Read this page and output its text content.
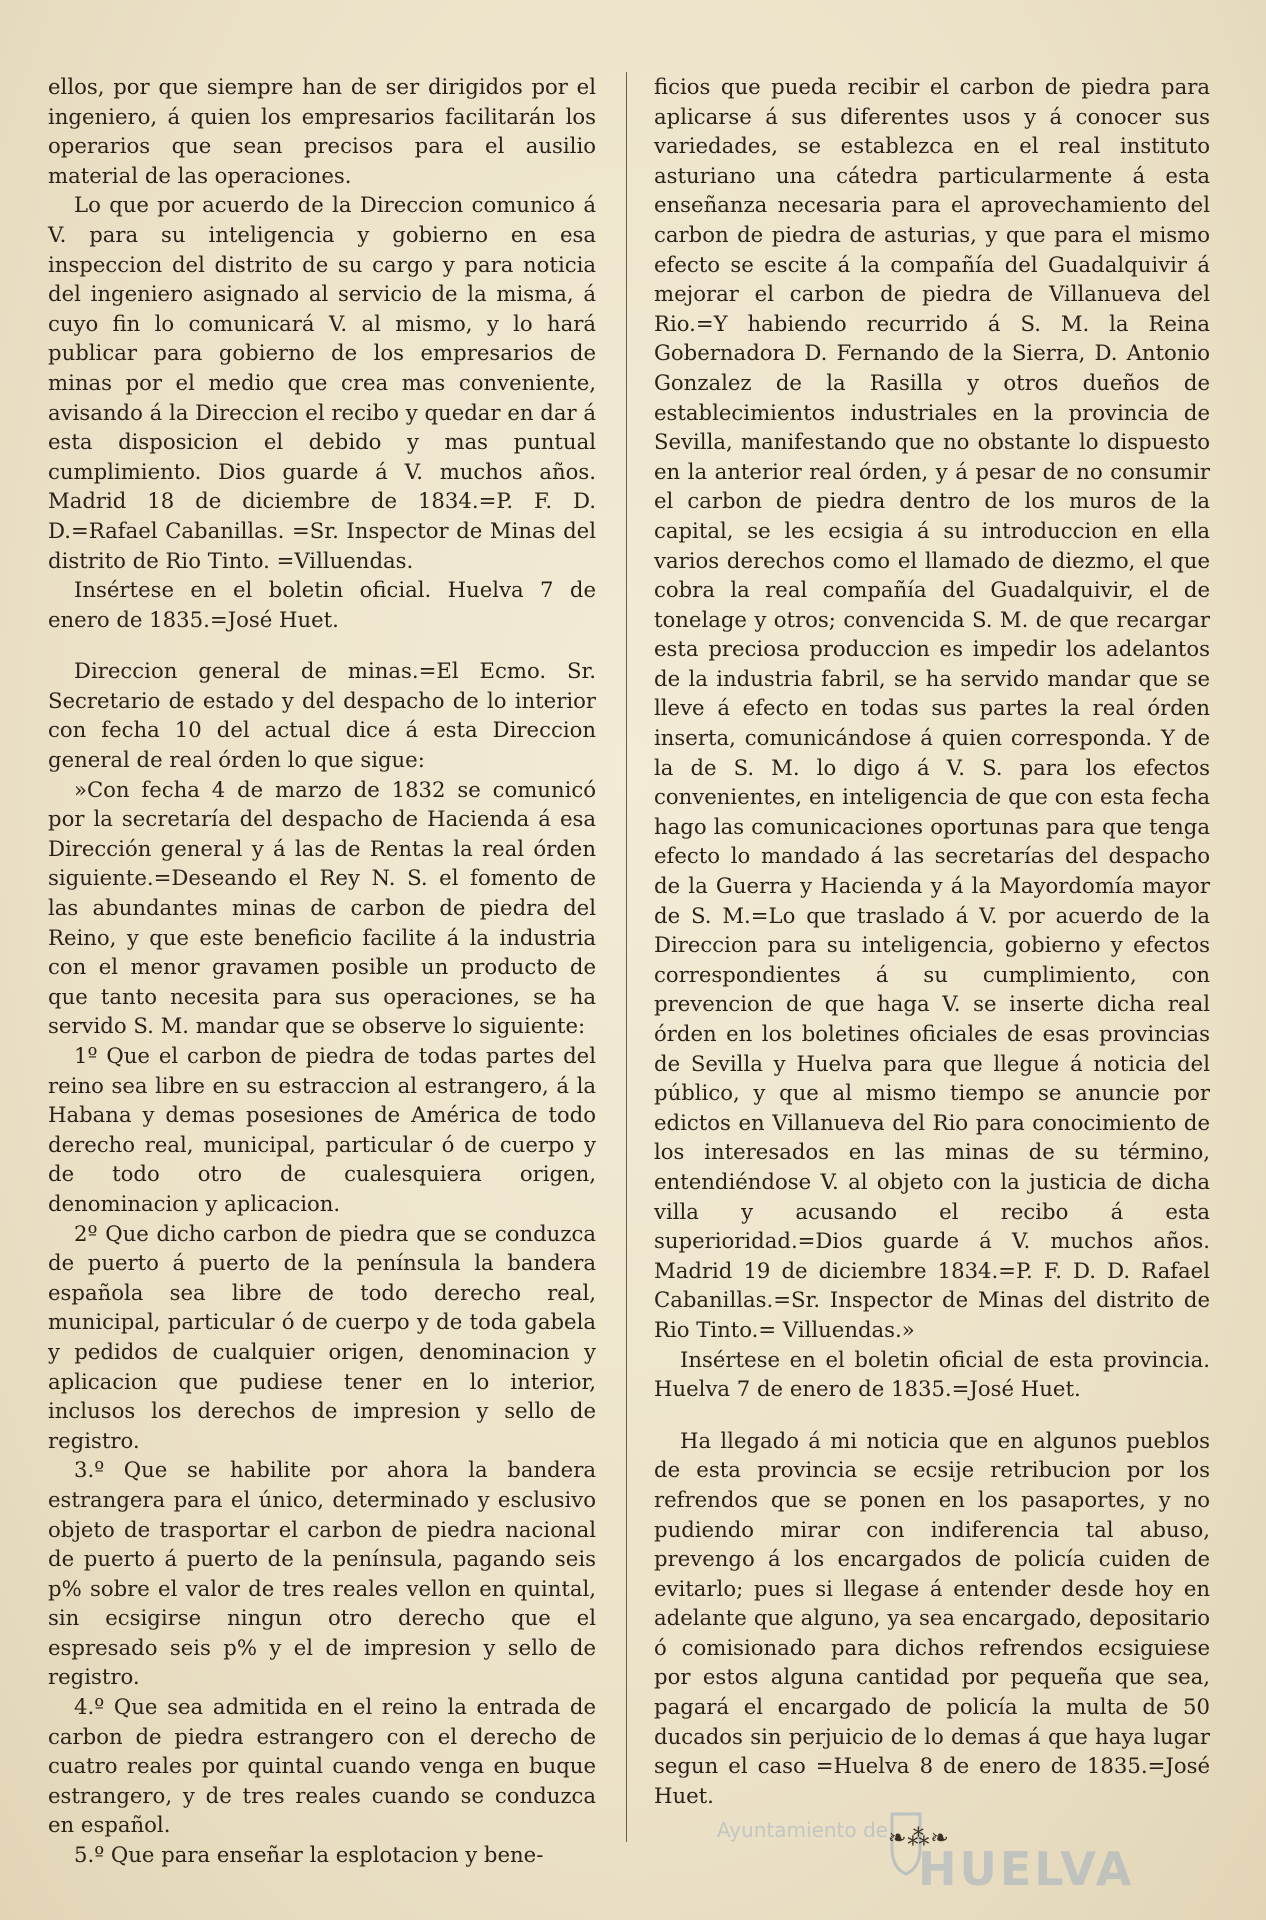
ellos, por que siempre han de ser dirigidos por el ingeniero, á quien los empresarios facilitarán los operarios que sean precisos para el ausilio material de las operaciones.

Lo que por acuerdo de la Direccion comunico á V. para su inteligencia y gobierno en esa inspeccion del distrito de su cargo y para noticia del ingeniero asignado al servicio de la misma, á cuyo fin lo comunicará V. al mismo, y lo hará publicar para gobierno de los empresarios de minas por el medio que crea mas conveniente, avisando á la Direccion el recibo y quedar en dar á esta disposicion el debido y mas puntual cumplimiento. Dios guarde á V. muchos años. Madrid 18 de diciembre de 1834.=P. F. D. D.=Rafael Cabanillas. =Sr. Inspector de Minas del distrito de Rio Tinto. =Villuendas.

Insértese en el boletin oficial. Huelva 7 de enero de 1835.=José Huet.

Direccion general de minas.=El Ecmo. Sr. Secretario de estado y del despacho de lo interior con fecha 10 del actual dice á esta Direccion general de real órden lo que sigue:

»Con fecha 4 de marzo de 1832 se comunicó por la secretaría del despacho de Hacienda á esa Dirección general y á las de Rentas la real órden siguiente.=Deseando el Rey N. S. el fomento de las abundantes minas de carbon de piedra del Reino, y que este beneficio facilite á la industria con el menor gravamen posible un producto de que tanto necesita para sus operaciones, se ha servido S. M. mandar que se observe lo siguiente:

1º Que el carbon de piedra de todas partes del reino sea libre en su estraccion al estrangero, á la Habana y demas posesiones de América de todo derecho real, municipal, particular ó de cuerpo y de todo otro de cualesquiera origen, denominacion y aplicacion.

2º Que dicho carbon de piedra que se conduzca de puerto á puerto de la península la bandera española sea libre de todo derecho real, municipal, particular ó de cuerpo y de toda gabela y pedidos de cualquier origen, denominacion y aplicacion que pudiese tener en lo interior, inclusos los derechos de impresion y sello de registro.

3.º Que se habilite por ahora la bandera estrangera para el único, determinado y esclusivo objeto de trasportar el carbon de piedra nacional de puerto á puerto de la península, pagando seis p% sobre el valor de tres reales vellon en quintal, sin ecsigirse ningun otro derecho que el espresado seis p% y el de impresion y sello de registro.

4.º Que sea admitida en el reino la entrada de carbon de piedra estrangero con el derecho de cuatro reales por quintal cuando venga en buque estrangero, y de tres reales cuando se conduzca en español.

5.º Que para enseñar la esplotacion y bene-

ficios que pueda recibir el carbon de piedra para aplicarse á sus diferentes usos y á conocer sus variedades, se establezca en el real instituto asturiano una cátedra particularmente á esta enseñanza necesaria para el aprovechamiento del carbon de piedra de asturias, y que para el mismo efecto se escite á la compañía del Guadalquivir á mejorar el carbon de piedra de Villanueva del Rio.=Y habiendo recurrido á S. M. la Reina Gobernadora D. Fernando de la Sierra, D. Antonio Gonzalez de la Rasilla y otros dueños de establecimientos industriales en la provincia de Sevilla, manifestando que no obstante lo dispuesto en la anterior real órden, y á pesar de no consumir el carbon de piedra dentro de los muros de la capital, se les ecsigia á su introduccion en ella varios derechos como el llamado de diezmo, el que cobra la real compañía del Guadalquivir, el de tonelage y otros; convencida S. M. de que recargar esta preciosa produccion es impedir los adelantos de la industria fabril, se ha servido mandar que se lleve á efecto en todas sus partes la real órden inserta, comunicándose á quien corresponda. Y de la de S. M. lo digo á V. S. para los efectos convenientes, en inteligencia de que con esta fecha hago las comunicaciones oportunas para que tenga efecto lo mandado á las secretarías del despacho de la Guerra y Hacienda y á la Mayordomía mayor de S. M.=Lo que traslado á V. por acuerdo de la Direccion para su inteligencia, gobierno y efectos correspondientes á su cumplimiento, con prevencion de que haga V. se inserte dicha real órden en los boletines oficiales de esas provincias de Sevilla y Huelva para que llegue á noticia del público, y que al mismo tiempo se anuncie por edictos en Villanueva del Rio para conocimiento de los interesados en las minas de su término, entendiéndose V. al objeto con la justicia de dicha villa y acusando el recibo á esta superioridad.=Dios guarde á V. muchos años. Madrid 19 de diciembre 1834.=P. F. D. D. Rafael Cabanillas.=Sr. Inspector de Minas del distrito de Rio Tinto.= Villuendas.»

Insértese en el boletin oficial de esta provincia. Huelva 7 de enero de 1835.=José Huet.

Ha llegado á mi noticia que en algunos pueblos de esta provincia se ecsije retribucion por los refrendos que se ponen en los pasaportes, y no pudiendo mirar con indiferencia tal abuso, prevengo á los encargados de policía cuiden de evitarlo; pues si llegase á entender desde hoy en adelante que alguno, ya sea encargado, depositario ó comisionado para dichos refrendos ecsiguiese por estos alguna cantidad por pequeña que sea, pagará el encargado de policía la multa de 50 ducados sin perjuicio de lo demas á que haya lugar segun el caso =Huelva 8 de enero de 1835.=José Huet.

Ayuntamiento de
HUELVA
❧⁂❧
